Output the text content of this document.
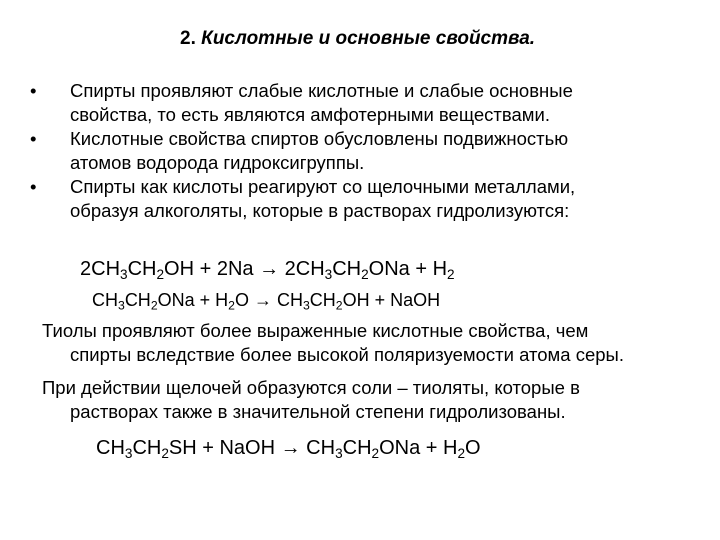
2. Кислотные и основные свойства.
• Спирты проявляют слабые кислотные и слабые основные
свойства, то есть являются амфотерными веществами.
• Кислотные свойства спиртов обусловлены подвижностью
атомов водорода гидроксигруппы.
• Спирты как кислоты реагируют со щелочными металлами,
образуя алкоголяты, которые в растворах гидролизуются:
$2CH_3CH_2OH + 2Na \to 2CH_3CH_2ONa + H_2$
$CH_3CH_2ONa + H_2O \to CH_3CH_2OH$ + NaOH
Тиолы проявляют более выраженные кислотные свойства, чем
спирты вследствие более высокой поляризуемости атома серы.
При действии щелочей образуются соли – тиоляты, которые в
растворах также в значительной степени гидролизованы.
$CH_3CH_2SH$ + NaOH → $CH_3CH_2ONa + H_2O$
